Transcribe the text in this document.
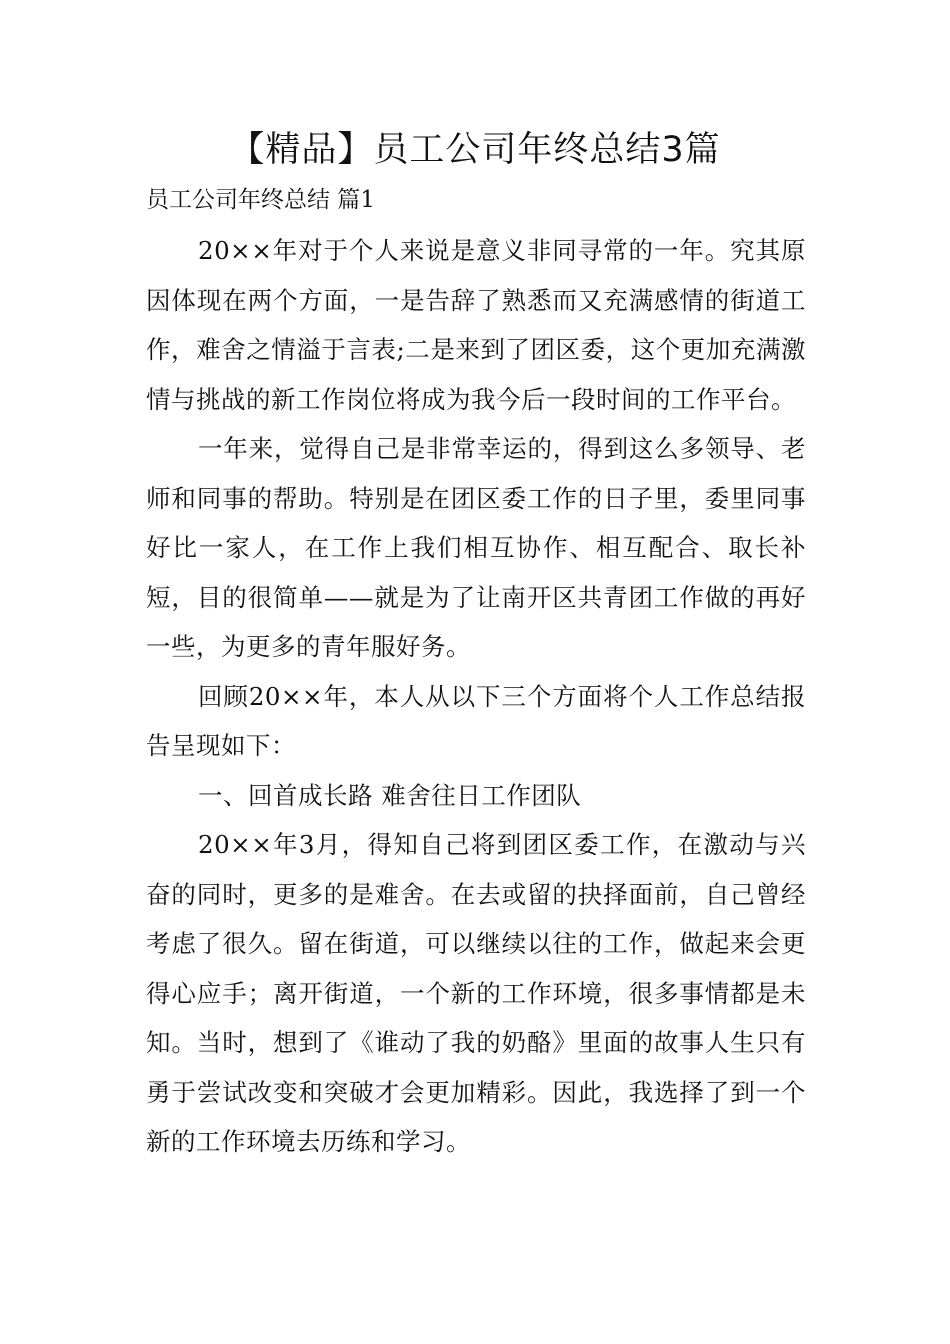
【精品】员工公司年终总结3篇

员工公司年终总结 篇1

20××年对于个人来说是意义非同寻常的一年。究其原因体现在两个方面，一是告辞了熟悉而又充满感情的街道工作，难舍之情溢于言表;二是来到了团区委，这个更加充满激情与挑战的新工作岗位将成为我今后一段时间的工作平台。

一年来，觉得自己是非常幸运的，得到这么多领导、老师和同事的帮助。特别是在团区委工作的日子里，委里同事好比一家人，在工作上我们相互协作、相互配合、取长补短，目的很简单——就是为了让南开区共青团工作做的再好一些，为更多的青年服好务。

回顾20××年，本人从以下三个方面将个人工作总结报告呈现如下：

一、回首成长路 难舍往日工作团队

20××年3月，得知自己将到团区委工作，在激动与兴奋的同时，更多的是难舍。在去或留的抉择面前，自己曾经考虑了很久。留在街道，可以继续以往的工作，做起来会更得心应手；离开街道，一个新的工作环境，很多事情都是未知。当时，想到了《谁动了我的奶酪》里面的故事人生只有勇于尝试改变和突破才会更加精彩。因此，我选择了到一个新的工作环境去历练和学习。
